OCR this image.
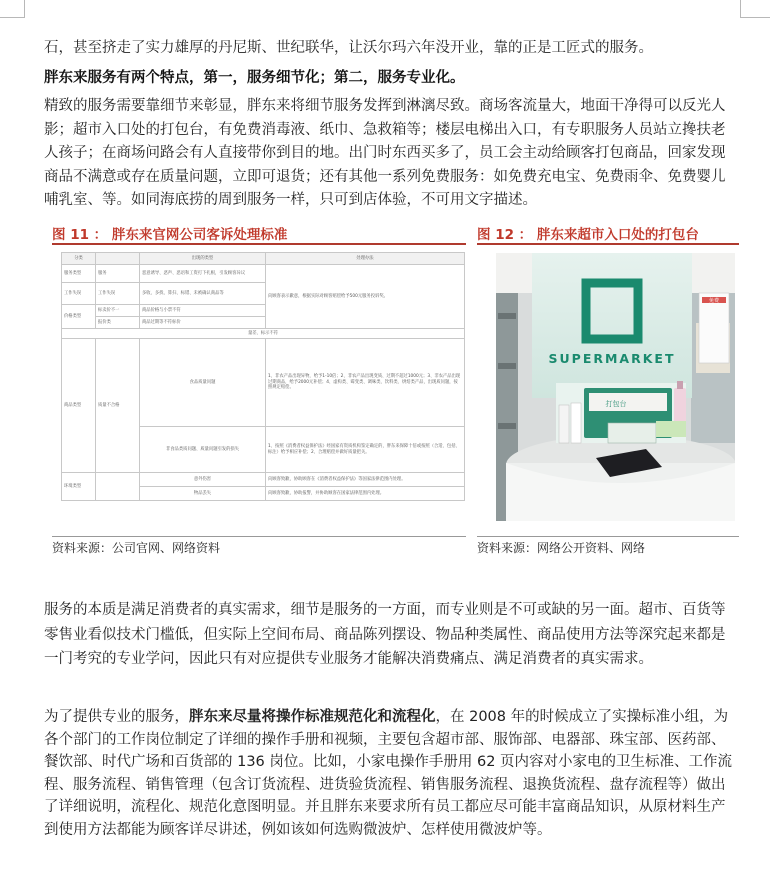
石，甚至挤走了实力雄厚的丹尼斯、世纪联华，让沃尔玛六年没开业，靠的正是工匠式的服务。

胖东来服务有两个特点，第一，服务细节化；第二，服务专业化。

精致的服务需要靠细节来彰显，胖东来将细节服务发挥到淋漓尽致。商场客流量大，地面干净得可以反光人影；超市入口处的打包台，有免费消毒液、纸巾、急救箱等；楼层电梯出入口，有专职服务人员站立搀扶老人孩子；在商场问路会有人直接带你到目的地。出门时东西买多了，员工会主动给顾客打包商品，回家发现商品不满意或存在质量问题，立即可退货；还有其他一系列免费服务：如免费充电宝、免费雨伞、免费婴儿哺乳室、等。如同海底捞的周到服务一样，只可到店体验，不可用文字描述。

图 11 ： 胖东来官网公司客诉处理标准
分类		出现的类型	处理办法
服务类型	服务	恶意诱导、恶声、恶语和工资打下扎根，引发顾客异议	向顾客表示歉意，根据实际对顾客赔偿给予500元服务投诉奖。
工作失误	工作失误	多收、多找、算扫、标错、未被确认商品等	
价格类型	标卖价不一	商品价格与小票不符	
	报价类	商品过期等不符标价	
量差、标示不符			
商品类型	质量不合格	食品质量问题	1、非农产品出现异物，给予1-10倍；2、非农产品出现变质、过期不超过1000元；3、非农产品出现过期商品，给予2000元补偿；4、虚构类、霉变类、调味类、饮料类、烘焙类产品，出现质问题，按照规定赔偿。
		非食品类质问题、质量问题引发的损失	1、按照《消费者权益保护法》经国家有资质机构鉴定确定的，胖东来保障十倍或按照（合适、包括、标注）给予相应补偿；2、合理赔偿并做好质量把关。
环境类型		意外伤害	向顾客致歉，协助顾客在《消费者权益保护法》等国家法律范围内处理。
		物品丢失	向顾客致歉，协助报警，并协助顾客在国家法律范围内处理。
资料来源：公司官网、网络资料
图 12 ： 胖东来超市入口处的打包台
SUPERMARKET
打包台
免费
资料来源：网络公开资料、网络

服务的本质是满足消费者的真实需求，细节是服务的一方面，而专业则是不可或缺的另一面。超市、百货等零售业看似技术门槛低，但实际上空间布局、商品陈列摆设、物品种类属性、商品使用方法等深究起来都是一门考究的专业学问，因此只有对应提供专业服务才能解决消费痛点、满足消费者的真实需求。

为了提供专业的服务，胖东来尽量将操作标准规范化和流程化，在 2008 年的时候成立了实操标准小组，为各个部门的工作岗位制定了详细的操作手册和视频，主要包含超市部、服饰部、电器部、珠宝部、医药部、餐饮部、时代广场和百货部的 136 岗位。比如，小家电操作手册用 62 页内容对小家电的卫生标准、工作流程、服务流程、销售管理（包含订货流程、进货验货流程、销售服务流程、退换货流程、盘存流程等）做出了详细说明，流程化、规范化意图明显。并且胖东来要求所有员工都应尽可能丰富商品知识，从原材料生产到使用方法都能为顾客详尽讲述，例如该如何选购微波炉、怎样使用微波炉等。
